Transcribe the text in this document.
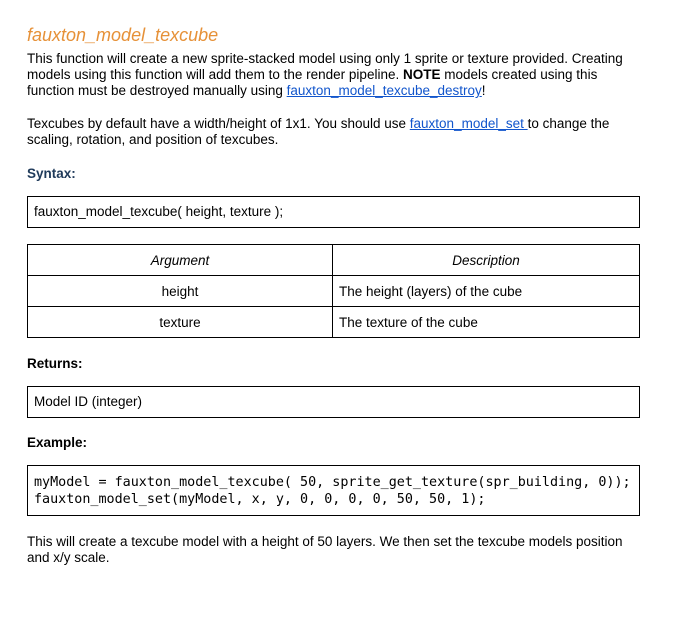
fauxton_model_texcube

This function will create a new sprite-stacked model using only 1 sprite or texture provided. Creating models using this function will add them to the render pipeline. NOTE models created using this function must be destroyed manually using fauxton_model_texcube_destroy!

Texcubes by default have a width/height of 1x1. You should use fauxton_model_set to change the scaling, rotation, and position of texcubes.

Syntax:
fauxton_model_texcube( height, texture );
Argument	Description
height	The height (layers) of the cube
texture	The texture of the cube
Returns:
Model ID (integer)
Example:
myModel = fauxton_model_texcube( 50, sprite_get_texture(spr_building, 0));
fauxton_model_set(myModel, x, y, 0, 0, 0, 0, 50, 50, 1);

This will create a texcube model with a height of 50 layers. We then set the texcube models position and x/y scale.
